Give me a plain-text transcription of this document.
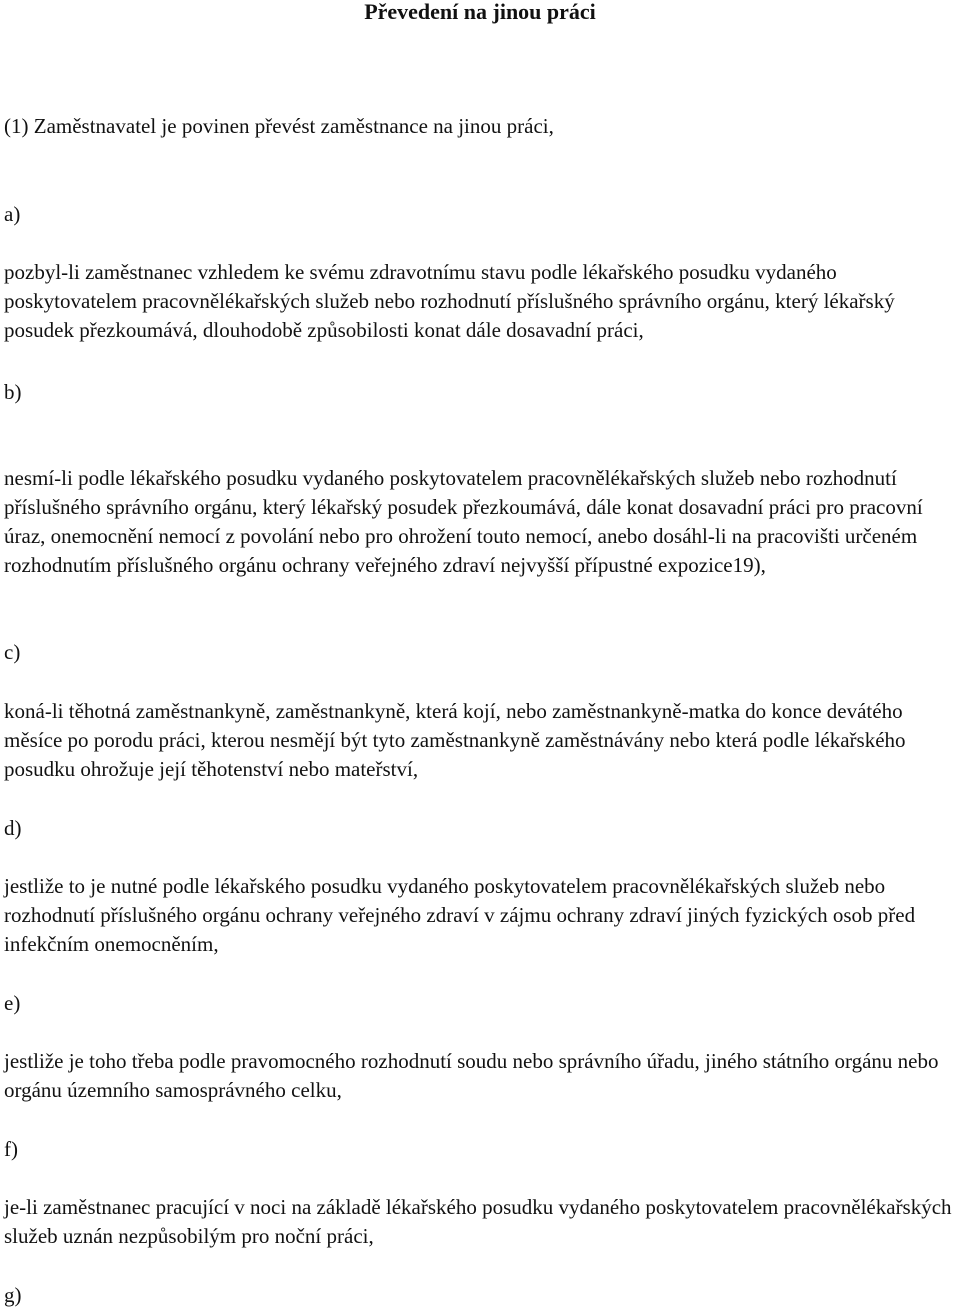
Převedení na jinou práci

(1) Zaměstnavatel je povinen převést zaměstnance na jinou práci,

a)

pozbyl-li zaměstnanec vzhledem ke svému zdravotnímu stavu podle lékařského posudku vydaného poskytovatelem pracovnělékařských služeb nebo rozhodnutí příslušného správního orgánu, který lékařský posudek přezkoumává, dlouhodobě způsobilosti konat dále dosavadní práci,

b)

nesmí-li podle lékařského posudku vydaného poskytovatelem pracovnělékařských služeb nebo rozhodnutí příslušného správního orgánu, který lékařský posudek přezkoumává, dále konat dosavadní práci pro pracovní úraz, onemocnění nemocí z povolání nebo pro ohrožení touto nemocí, anebo dosáhl-li na pracovišti určeném rozhodnutím příslušného orgánu ochrany veřejného zdraví nejvyšší přípustné expozice19),

c)

koná-li těhotná zaměstnankyně, zaměstnankyně, která kojí, nebo zaměstnankyně-matka do konce devátého měsíce po porodu práci, kterou nesmějí být tyto zaměstnankyně zaměstnávány nebo která podle lékařského posudku ohrožuje její těhotenství nebo mateřství,

d)

jestliže to je nutné podle lékařského posudku vydaného poskytovatelem pracovnělékařských služeb nebo rozhodnutí příslušného orgánu ochrany veřejného zdraví v zájmu ochrany zdraví jiných fyzických osob před infekčním onemocněním,

e)

jestliže je toho třeba podle pravomocného rozhodnutí soudu nebo správního úřadu, jiného státního orgánu nebo orgánu územního samosprávného celku,

f)

je-li zaměstnanec pracující v noci na základě lékařského posudku vydaného poskytovatelem pracovnělékařských služeb uznán nezpůsobilým pro noční práci,

g)
